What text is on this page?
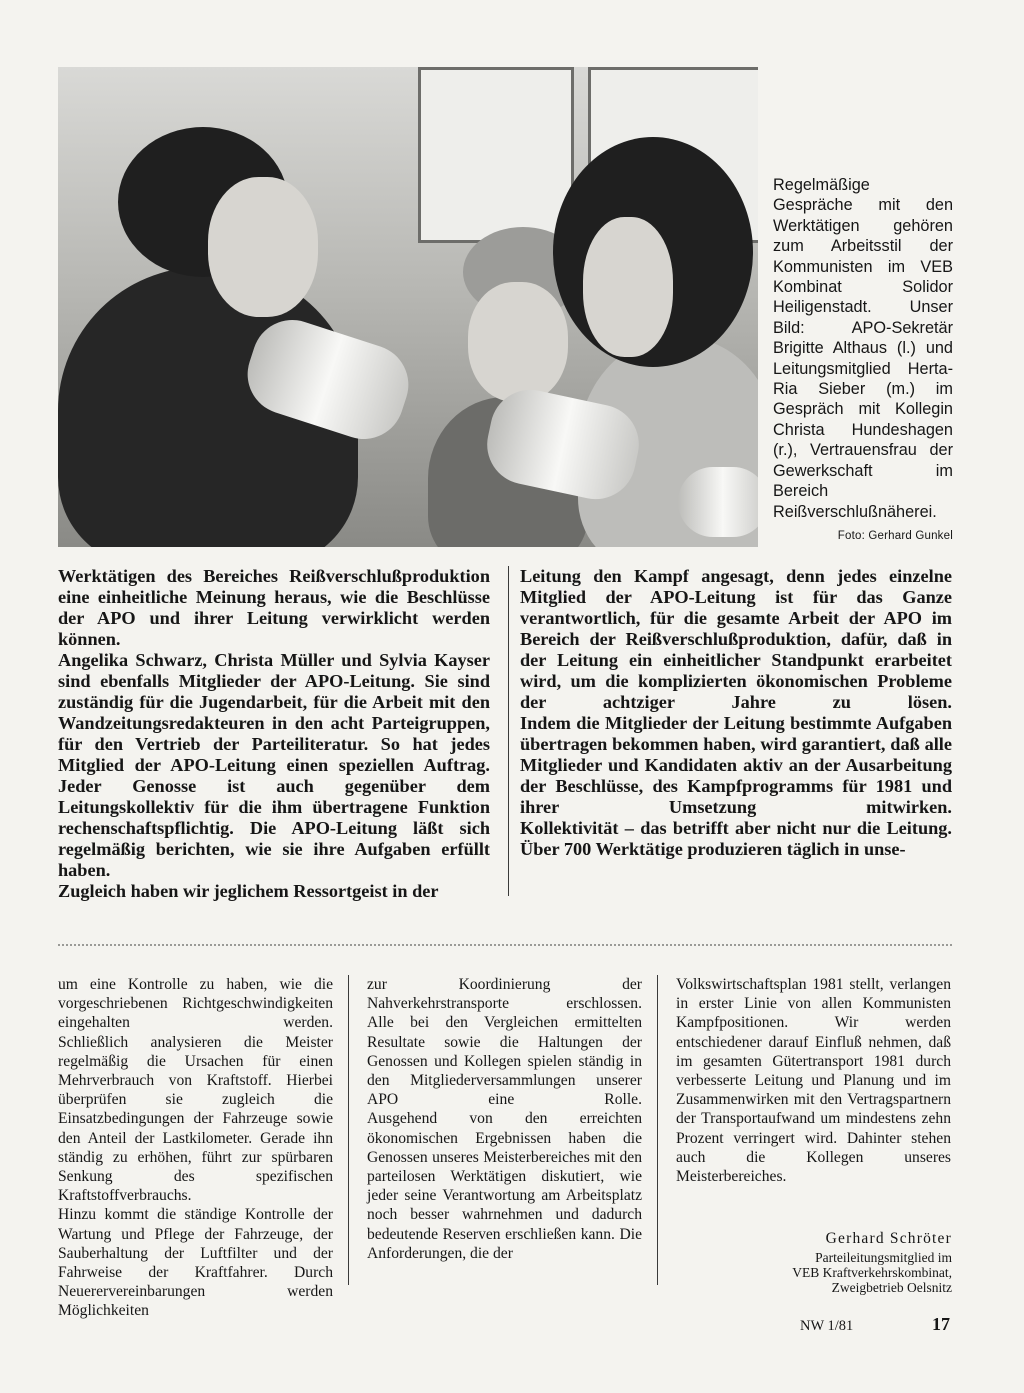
Regelmäßige Gespräche mit den Werktätigen gehören zum Arbeitsstil der Kommunisten im VEB Kombinat Solidor Heiligenstadt. Unser Bild: APO-Sekretär Brigitte Althaus (l.) und Leitungsmitglied Herta-Ria Sieber (m.) im Gespräch mit Kollegin Christa Hundeshagen (r.), Vertrauensfrau der Gewerkschaft im Bereich Reißverschlußnäherei.
Foto: Gerhard Gunkel

Werktätigen des Bereiches Reißverschlußproduktion eine einheitliche Meinung heraus, wie die Beschlüsse der APO und ihrer Leitung verwirklicht werden können.

Angelika Schwarz, Christa Müller und Sylvia Kayser sind ebenfalls Mitglieder der APO-Leitung. Sie sind zuständig für die Jugendarbeit, für die Arbeit mit den Wandzeitungsredakteuren in den acht Parteigruppen, für den Vertrieb der Parteiliteratur. So hat jedes Mitglied der APO-Leitung einen speziellen Auftrag. Jeder Genosse ist auch gegenüber dem Leitungskollektiv für die ihm übertragene Funktion rechenschaftspflichtig. Die APO-Leitung läßt sich regelmäßig berichten, wie sie ihre Aufgaben erfüllt haben.

Zugleich haben wir jeglichem Ressortgeist in der

Leitung den Kampf angesagt, denn jedes einzelne Mitglied der APO-Leitung ist für das Ganze verantwortlich, für die gesamte Arbeit der APO im Bereich der Reißverschlußproduktion, dafür, daß in der Leitung ein einheitlicher Standpunkt erarbeitet wird, um die komplizierten ökonomischen Probleme der achtziger Jahre zu lösen.

Indem die Mitglieder der Leitung bestimmte Aufgaben übertragen bekommen haben, wird garantiert, daß alle Mitglieder und Kandidaten aktiv an der Ausarbeitung der Beschlüsse, des Kampfprogramms für 1981 und ihrer Umsetzung mitwirken.

Kollektivität – das betrifft aber nicht nur die Leitung.

Über 700 Werktätige produzieren täglich in unse-

um eine Kontrolle zu haben, wie die vorgeschriebenen Richtgeschwindigkeiten eingehalten werden.

Schließlich analysieren die Meister regelmäßig die Ursachen für einen Mehrverbrauch von Kraftstoff. Hierbei überprüfen sie zugleich die Einsatzbedingungen der Fahrzeuge sowie den Anteil der Lastkilometer. Gerade ihn ständig zu erhöhen, führt zur spürbaren Senkung des spezifischen Kraftstoffverbrauchs.

Hinzu kommt die ständige Kontrolle der Wartung und Pflege der Fahrzeuge, der Sauberhaltung der Luftfilter und der Fahrweise der Kraftfahrer. Durch Neuerervereinbarungen werden Möglichkeiten

zur Koordinierung der Nahverkehrstransporte erschlossen.

Alle bei den Vergleichen ermittelten Resultate sowie die Haltungen der Genossen und Kollegen spielen ständig in den Mitgliederversammlungen unserer APO eine Rolle.

Ausgehend von den erreichten ökonomischen Ergebnissen haben die Genossen unseres Meisterbereiches mit den parteilosen Werktätigen diskutiert, wie jeder seine Verantwortung am Arbeitsplatz noch besser wahrnehmen und dadurch bedeutende Reserven erschließen kann. Die Anforderungen, die der

Volkswirtschaftsplan 1981 stellt, verlangen in erster Linie von allen Kommunisten Kampfpositionen. Wir werden entschiedener darauf Einfluß nehmen, daß im gesamten Gütertransport 1981 durch verbesserte Leitung und Planung und im Zusammenwirken mit den Vertragspartnern der Transportaufwand um mindestens zehn Prozent verringert wird. Dahinter stehen auch die Kollegen unseres Meisterbereiches.

Gerhard Schröter
Parteileitungsmitglied im
VEB Kraftverkehrskombinat,
Zweigbetrieb Oelsnitz
NW 1/81	17
